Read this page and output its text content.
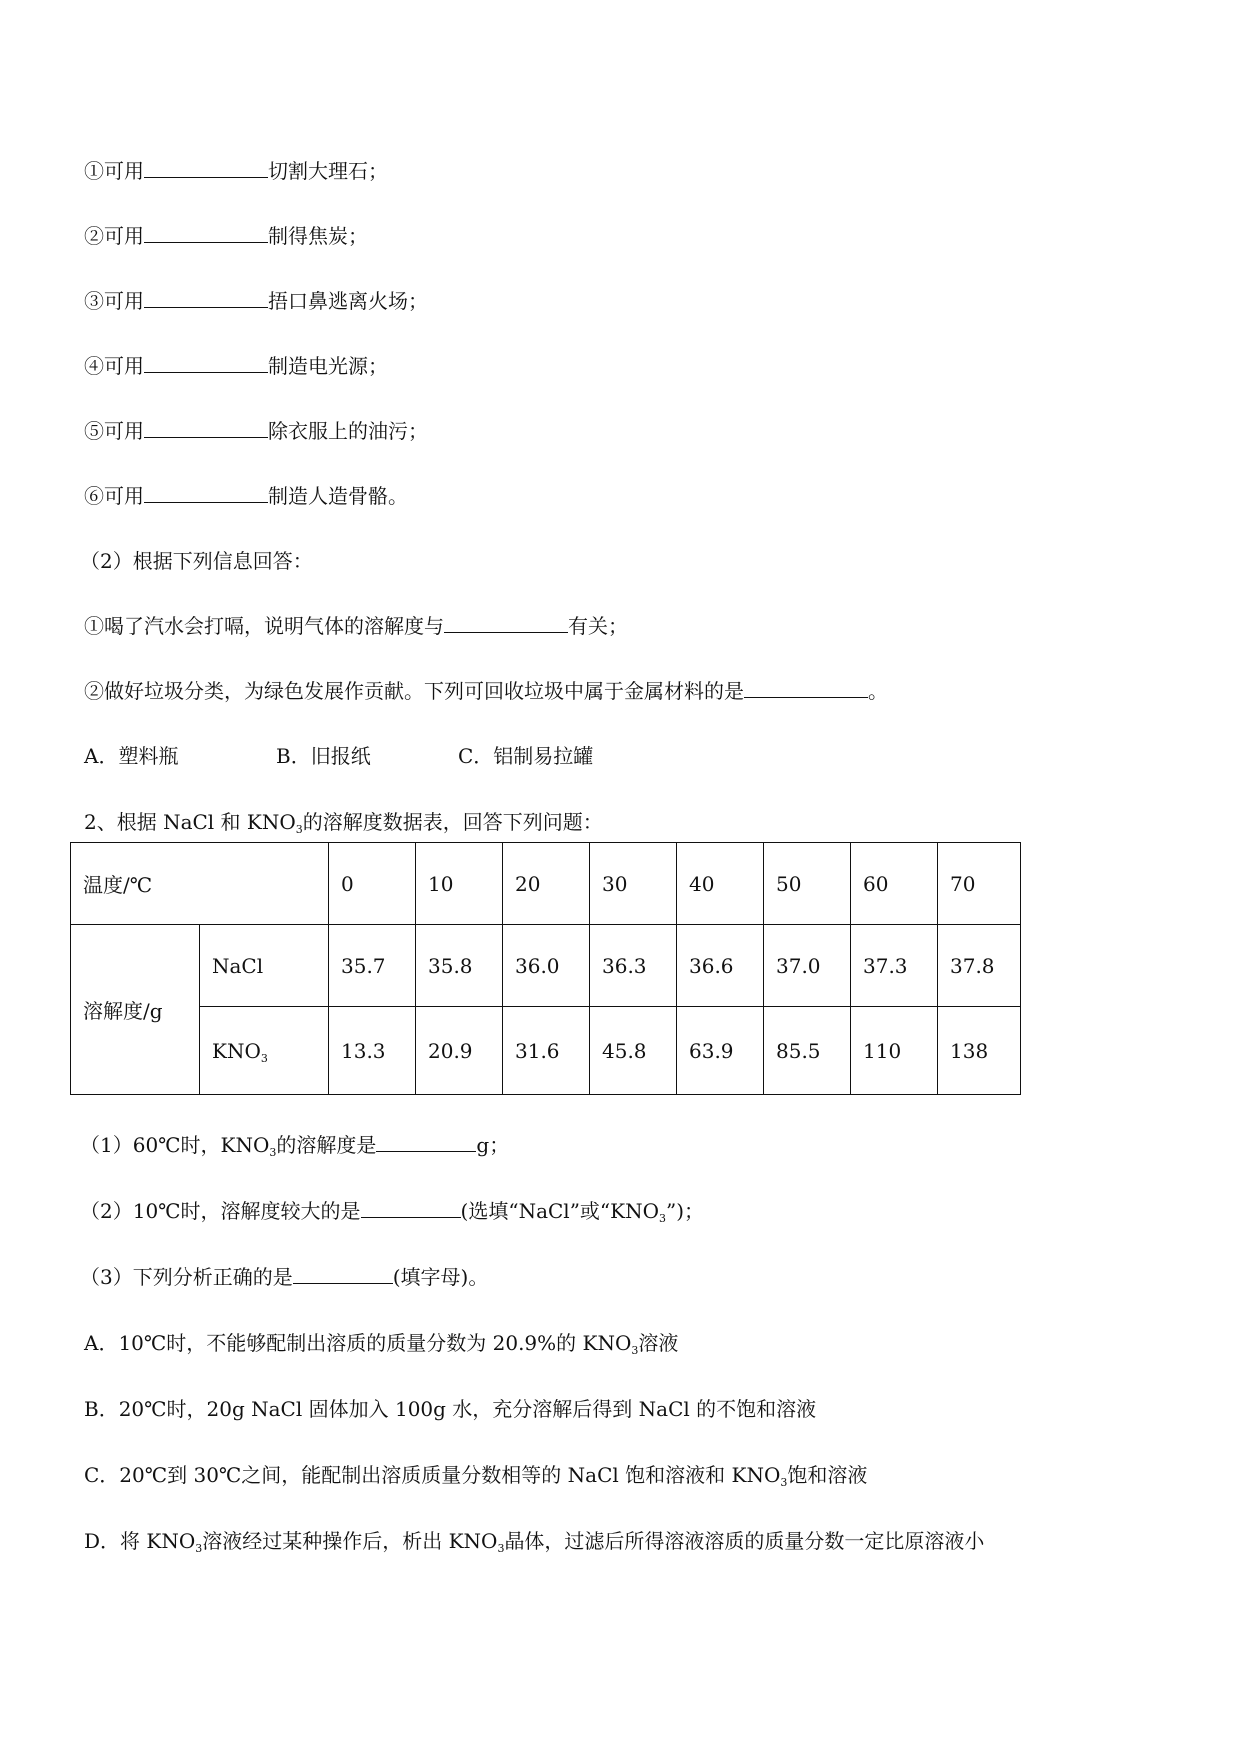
①可用	切割大理石；
②可用	制得焦炭；
③可用	捂口鼻逃离火场；
④可用	制造电光源；
⑤可用	除衣服上的油污；
⑥可用	制造人造骨骼。
（2）根据下列信息回答：
①喝了汽水会打嗝，说明气体的溶解度与	有关；
②做好垃圾分类，为绿色发展作贡献。下列可回收垃圾中属于金属材料的是	。
A．塑料瓶	B．旧报纸	C．铝制易拉罐
2、根据 NaCl 和 $KNO_3$的溶解度数据表，回答下列问题：
温度/℃		0	10	20	30	40	50	60	70
溶解度/g	NaCl	35.7	35.8	36.0	36.3	36.6	37.0	37.3	37.8
	$KNO_3$	13.3	20.9	31.6	45.8	63.9	85.5	110	138
（1）60℃时，$KNO_3$的溶解度是	g；
（2）10℃时，溶解度较大的是	(选填“NaCl”或“$KNO_3$”)；
（3）下列分析正确的是	(填字母)。
A．10℃时，不能够配制出溶质的质量分数为 20.9%的 $KNO_3$溶液
B．20℃时，20g NaCl 固体加入 100g 水，充分溶解后得到 NaCl 的不饱和溶液
C．20℃到 30℃之间，能配制出溶质质量分数相等的 NaCl 饱和溶液和 $KNO_3$饱和溶液
D．将 $KNO_3$溶液经过某种操作后，析出 $KNO_3$晶体，过滤后所得溶液溶质的质量分数一定比原溶液小
